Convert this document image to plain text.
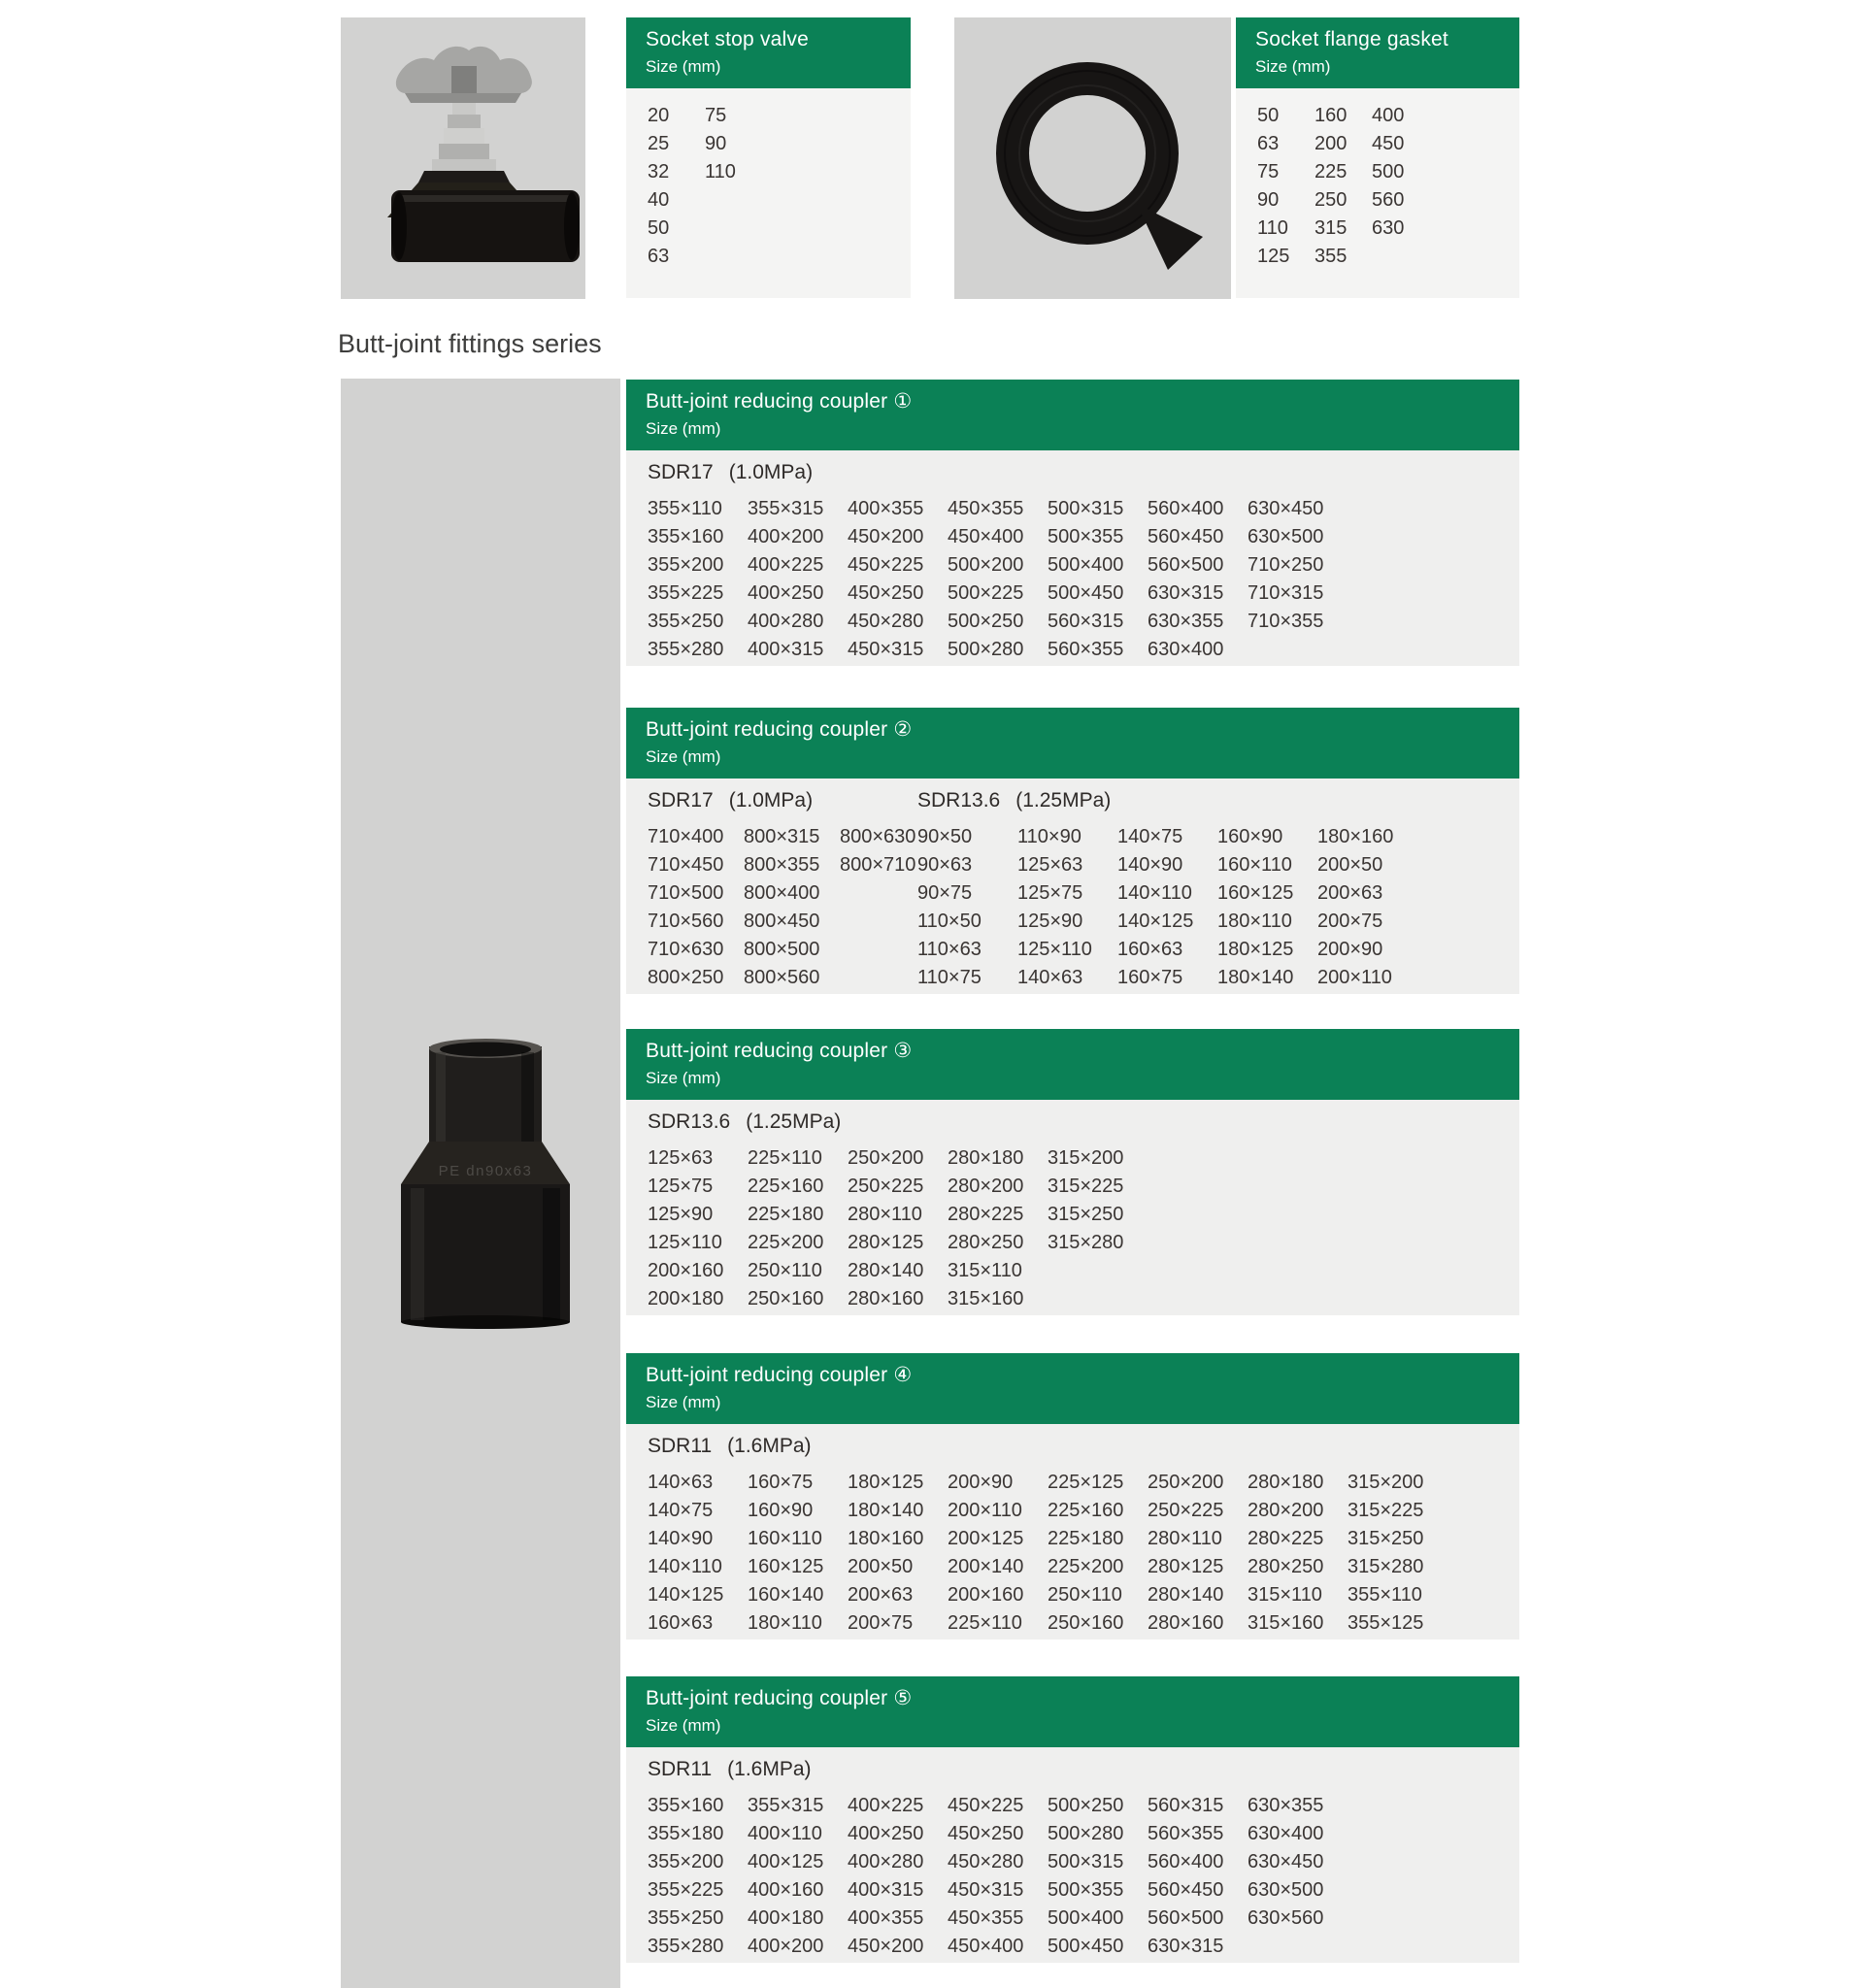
Socket stop valve
Size (mm)
20
25
32
40
50
63
75
90
110
Socket flange gasket
Size (mm)
50
63
75
90
110
125
160
200
225
250
315
355
400
450
500
560
630
Butt-joint fittings series
PE dn90x63
Butt-joint reducing coupler ①
Size (mm)
SDR17 (1.0MPa)
355×110
355×160
355×200
355×225
355×250
355×280
355×315
400×200
400×225
400×250
400×280
400×315
400×355
450×200
450×225
450×250
450×280
450×315
450×355
450×400
500×200
500×225
500×250
500×280
500×315
500×355
500×400
500×450
560×315
560×355
560×400
560×450
560×500
630×315
630×355
630×400
630×450
630×500
710×250
710×315
710×355
Butt-joint reducing coupler ②
Size (mm)
SDR17 (1.0MPa)
710×400
710×450
710×500
710×560
710×630
800×250
800×315
800×355
800×400
800×450
800×500
800×560
800×630
800×710
SDR13.6 (1.25MPa)
90×50
90×63
90×75
110×50
110×63
110×75
110×90
125×63
125×75
125×90
125×110
140×63
140×75
140×90
140×110
140×125
160×63
160×75
160×90
160×110
160×125
180×110
180×125
180×140
180×160
200×50
200×63
200×75
200×90
200×110
Butt-joint reducing coupler ③
Size (mm)
SDR13.6 (1.25MPa)
125×63
125×75
125×90
125×110
200×160
200×180
225×110
225×160
225×180
225×200
250×110
250×160
250×200
250×225
280×110
280×125
280×140
280×160
280×180
280×200
280×225
280×250
315×110
315×160
315×200
315×225
315×250
315×280
Butt-joint reducing coupler ④
Size (mm)
SDR11 (1.6MPa)
140×63
140×75
140×90
140×110
140×125
160×63
160×75
160×90
160×110
160×125
160×140
180×110
180×125
180×140
180×160
200×50
200×63
200×75
200×90
200×110
200×125
200×140
200×160
225×110
225×125
225×160
225×180
225×200
250×110
250×160
250×200
250×225
280×110
280×125
280×140
280×160
280×180
280×200
280×225
280×250
315×110
315×160
315×200
315×225
315×250
315×280
355×110
355×125
Butt-joint reducing coupler ⑤
Size (mm)
SDR11 (1.6MPa)
355×160
355×180
355×200
355×225
355×250
355×280
355×315
400×110
400×125
400×160
400×180
400×200
400×225
400×250
400×280
400×315
400×355
450×200
450×225
450×250
450×280
450×315
450×355
450×400
500×250
500×280
500×315
500×355
500×400
500×450
560×315
560×355
560×400
560×450
560×500
630×315
630×355
630×400
630×450
630×500
630×560
